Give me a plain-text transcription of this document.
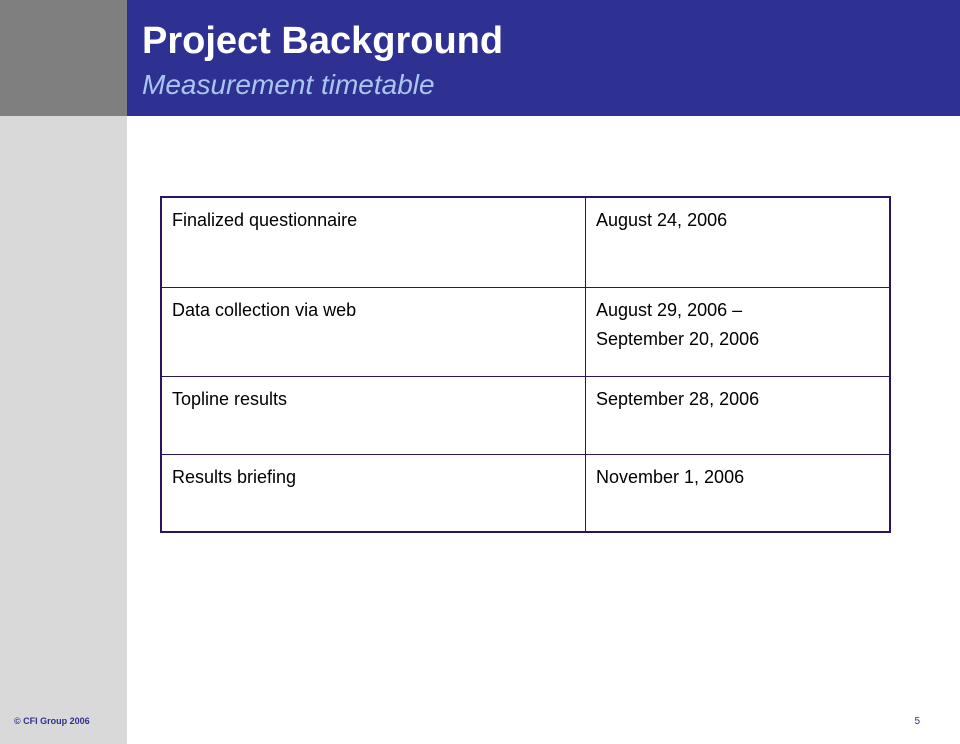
Project Background
Measurement timetable
Finalized questionnaire	August 24, 2006
Data collection via web	August 29, 2006 –
September 20, 2006
Topline results	September 28, 2006
Results briefing	November 1, 2006
© CFI Group 2006	5
